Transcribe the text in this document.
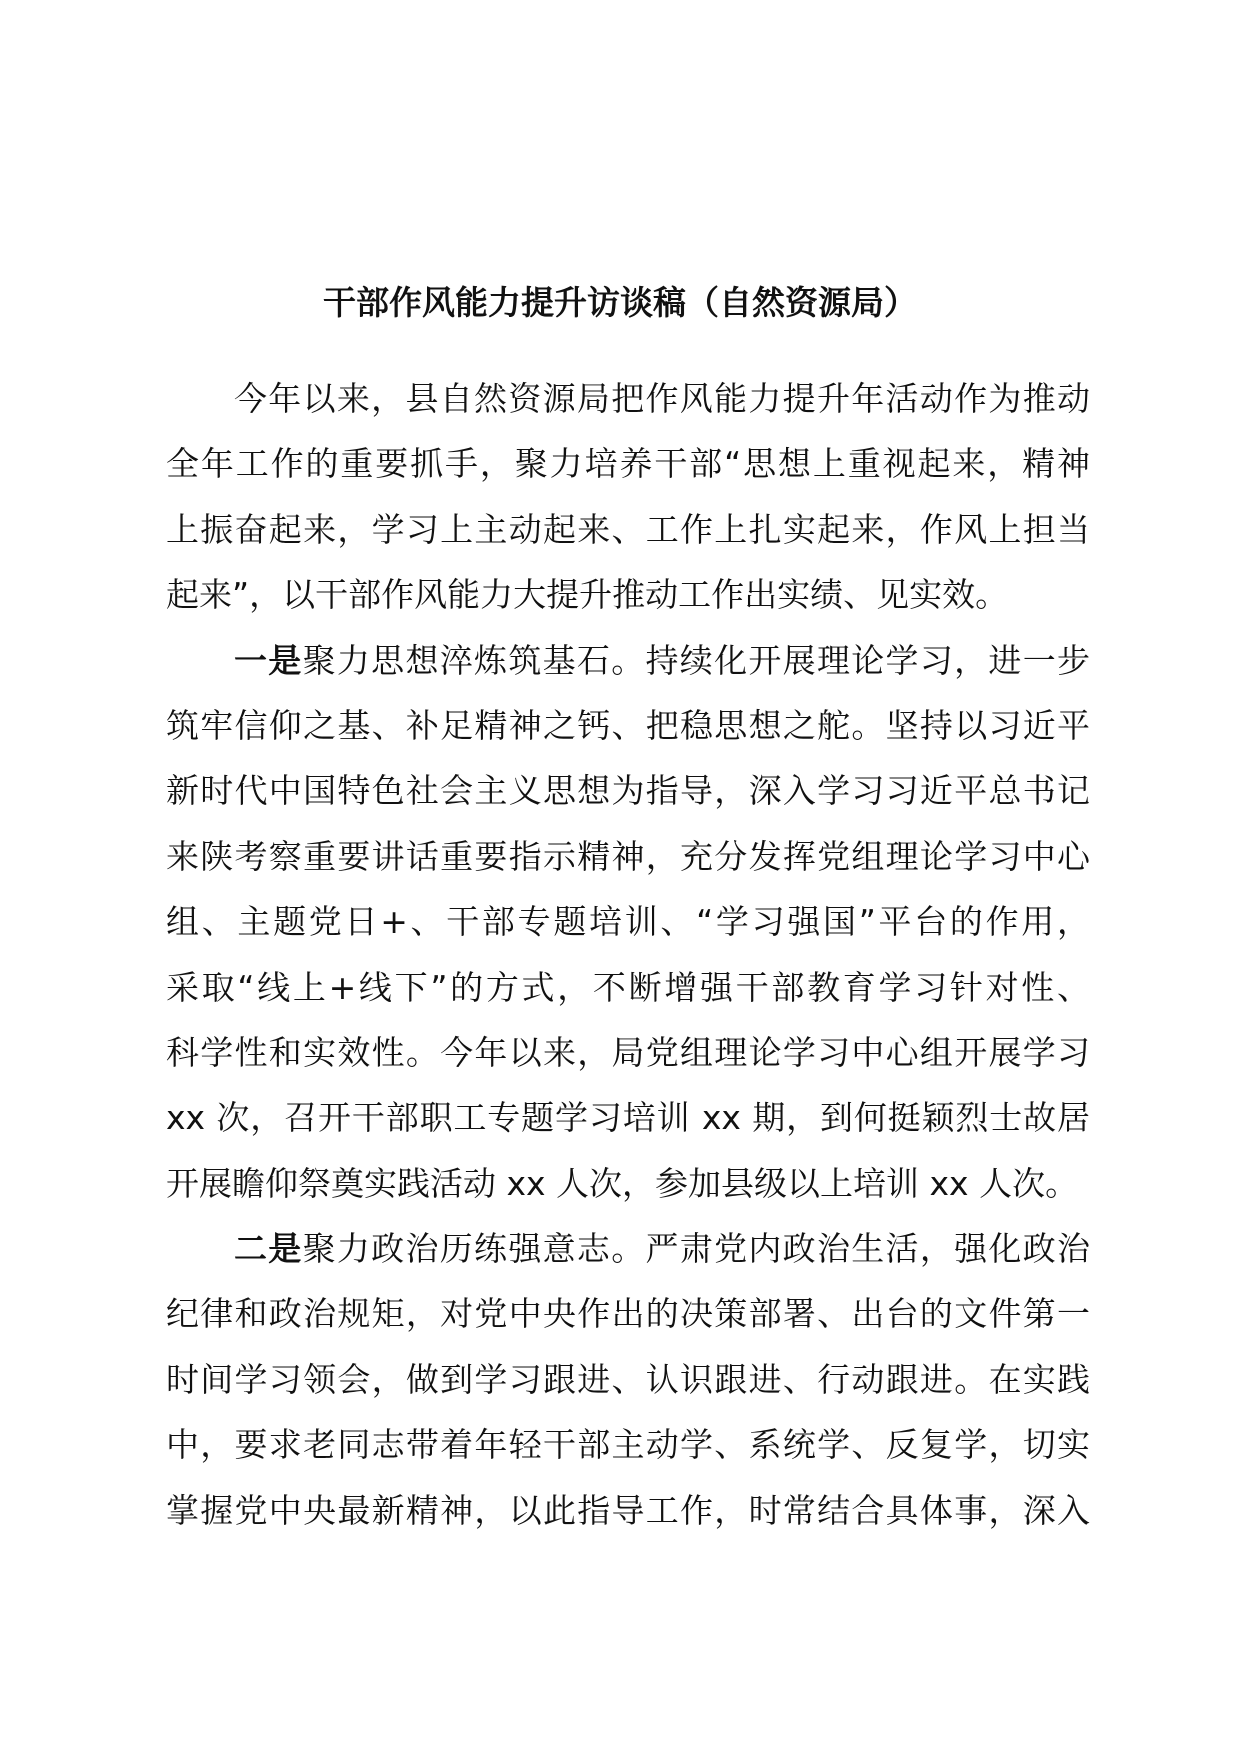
干部作风能力提升访谈稿（自然资源局）
今年以来，县自然资源局把作风能力提升年活动作为推动
全年工作的重要抓手，聚力培养干部“思想上重视起来，精神
上振奋起来，学习上主动起来、工作上扎实起来，作风上担当
起来”，以干部作风能力大提升推动工作出实绩、见实效。
一是聚力思想淬炼筑基石。持续化开展理论学习，进一步
筑牢信仰之基、补足精神之钙、把稳思想之舵。坚持以习近平
新时代中国特色社会主义思想为指导，深入学习习近平总书记
来陕考察重要讲话重要指示精神，充分发挥党组理论学习中心
组、主题党日+、干部专题培训、“学习强国”平台的作用，
采取“线上+线下”的方式，不断增强干部教育学习针对性、
科学性和实效性。今年以来，局党组理论学习中心组开展学习
xx 次，召开干部职工专题学习培训 xx 期，到何挺颖烈士故居
开展瞻仰祭奠实践活动 xx 人次，参加县级以上培训 xx 人次。
二是聚力政治历练强意志。严肃党内政治生活，强化政治
纪律和政治规矩，对党中央作出的决策部署、出台的文件第一
时间学习领会，做到学习跟进、认识跟进、行动跟进。在实践
中，要求老同志带着年轻干部主动学、系统学、反复学，切实
掌握党中央最新精神，以此指导工作，时常结合具体事，深入
